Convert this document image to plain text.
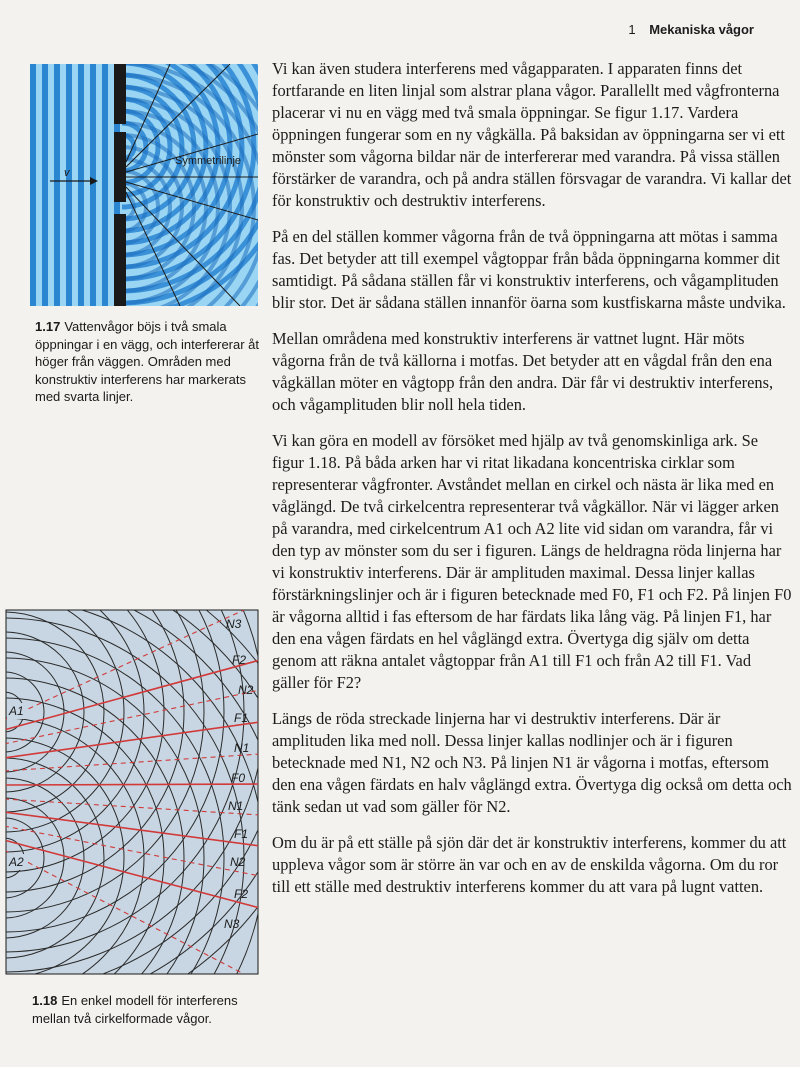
1 Mekaniska vågor
v
Symmetrilinje
1.17 Vattenvågor böjs i två smala öppningar i en vägg, och interfererar åt höger från väggen. Områden med konstruktiv interferens har markerats med svarta linjer.
A1
A2
N3
F2
N2
F1
N1
F0
N1
F1
N2
F2
N3
1.18 En enkel modell för interferens mellan två cirkelformade vågor.

Vi kan även studera interferens med vågapparaten. I apparaten finns det fortfarande en liten linjal som alstrar plana vågor. Parallellt med vågfronterna placerar vi nu en vägg med två smala öppningar. Se figur 1.17. Vardera öppningen fungerar som en ny vågkälla. På baksidan av öppningarna ser vi ett mönster som vågorna bildar när de interfererar med varandra. På vissa ställen förstärker de varandra, och på andra ställen försvagar de varandra. Vi kallar det för konstruktiv och destruktiv interferens.

På en del ställen kommer vågorna från de två öppningarna att mötas i samma fas. Det betyder att till exempel vågtoppar från båda öppningarna kommer dit samtidigt. På sådana ställen får vi konstruktiv interferens, och vågamplituden blir stor. Det är sådana ställen innanför öarna som kustfiskarna måste undvika.

Mellan områdena med konstruktiv interferens är vattnet lugnt. Här möts vågorna från de två källorna i motfas. Det betyder att en vågdal från den ena vågkällan möter en vågtopp från den andra. Där får vi destruktiv interferens, och vågamplituden blir noll hela tiden.

Vi kan göra en modell av försöket med hjälp av två genomskinliga ark. Se figur 1.18. På båda arken har vi ritat likadana koncentriska cirklar som representerar vågfronter. Avståndet mellan en cirkel och nästa är lika med en våglängd. De två cirkelcentra representerar två vågkällor. När vi lägger arken på varandra, med cirkelcentrum A1 och A2 lite vid sidan om varandra, får vi den typ av mönster som du ser i figuren. Längs de heldragna röda linjerna har vi konstruktiv interferens. Där är amplituden maximal. Dessa linjer kallas förstärkningslinjer och är i figuren betecknade med F0, F1 och F2. På linjen F0 är vågorna alltid i fas eftersom de har färdats lika lång väg. På linjen F1, har den ena vågen färdats en hel våglängd extra. Övertyga dig själv om detta genom att räkna antalet vågtoppar från A1 till F1 och från A2 till F1. Vad gäller för F2?

Längs de röda streckade linjerna har vi destruktiv interferens. Där är amplituden lika med noll. Dessa linjer kallas nodlinjer och är i figuren betecknade med N1, N2 och N3. På linjen N1 är vågorna i motfas, eftersom den ena vågen färdats en halv våglängd extra. Övertyga dig också om detta och tänk sedan ut vad som gäller för N2.

Om du är på ett ställe på sjön där det är konstruktiv interferens, kommer du att uppleva vågor som är större än var och en av de enskilda vågorna. Om du ror till ett ställe med destruktiv interferens kommer du att vara på lugnt vatten.
